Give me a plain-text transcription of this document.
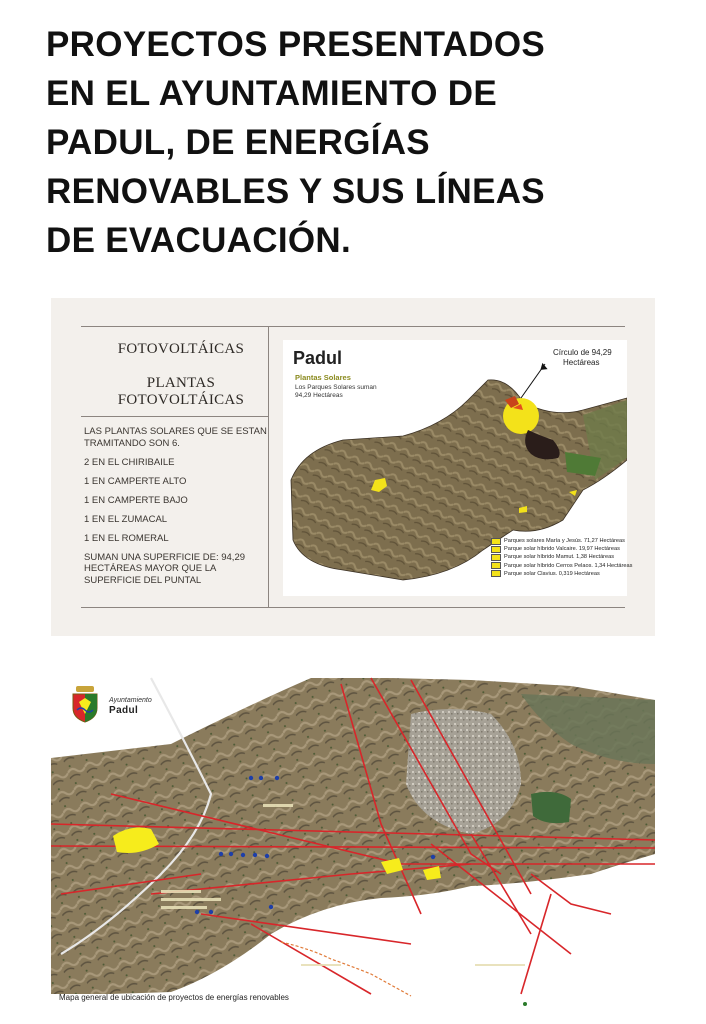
PROYECTOS PRESENTADOS
EN EL AYUNTAMIENTO DE
PADUL, DE ENERGÍAS
RENOVABLES Y SUS LÍNEAS
DE EVACUACIÓN.
FOTOVOLTÁICAS
PLANTAS
FOTOVOLTÁICAS

LAS PLANTAS SOLARES QUE SE ESTAN TRAMITANDO SON 6.

2 EN EL CHIRIBAILE

1 EN CAMPERTE ALTO

1 EN CAMPERTE BAJO

1 EN EL ZUMACAL

1 EN EL ROMERAL

SUMAN UNA SUPERFICIE DE: 94,29 HECTÁREAS MAYOR QUE LA SUPERFICIE DEL PUNTAL

Padul
Plantas Solares
Los Parques Solares suman
94,29 Hectáreas
Círculo de 94,29
Hectáreas
Parques solares María y Jesús. 71,27 Hectáreas
Parque solar híbrido Valcaire. 19,97 Hectáreas
Parque solar híbrido Mamut. 1,38 Hectáreas
Parque solar híbrido Cerros Pelaos. 1,34 Hectáreas
Parque solar Clavius. 0,319 Hectáreas
Ayuntamiento
Padul
Mapa general de ubicación de proyectos de energías renovables
